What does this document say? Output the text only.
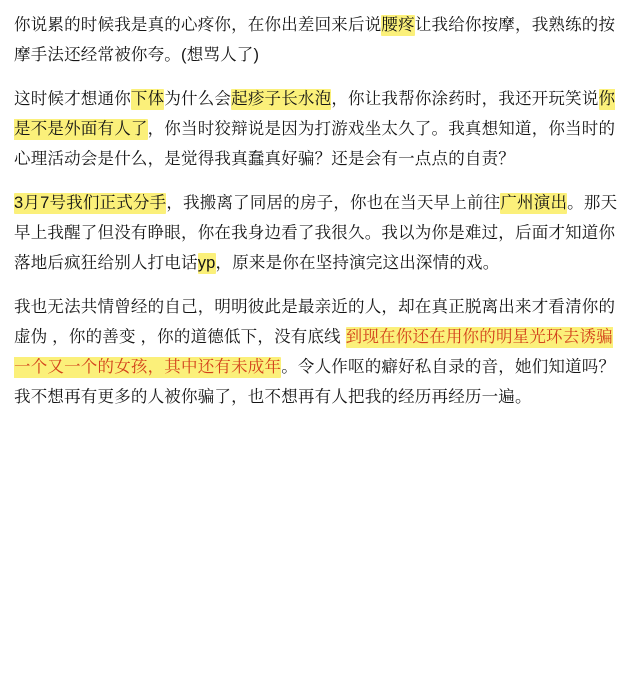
你说累的时候我是真的心疼你，在你出差回来后说腰疼让我给你按摩，我熟练的按摩手法还经常被你夸。(想骂人了)

这时候才想通你下体为什么会起疹子长水泡，你让我帮你涂药时，我还开玩笑说你是不是外面有人了，你当时狡辩说是因为打游戏坐太久了。我真想知道，你当时的心理活动会是什么，是觉得我真蠢真好骗？还是会有一点点的自责？

3月7号我们正式分手，我搬离了同居的房子，你也在当天早上前往广州演出。那天早上我醒了但没有睁眼，你在我身边看了我很久。我以为你是难过，后面才知道你落地后疯狂给别人打电话yp，原来是你在坚持演完这出深情的戏。

我也无法共情曾经的自己，明明彼此是最亲近的人，却在真正脱离出来才看清你的虚伪 ，你的善变 ，你的道德低下，没有底线 到现在你还在用你的明星光环去诱骗一个又一个的女孩，其中还有未成年。令人作呕的癖好私自录的音，她们知道吗？我不想再有更多的人被你骗了，也不想再有人把我的经历再经历一遍。
